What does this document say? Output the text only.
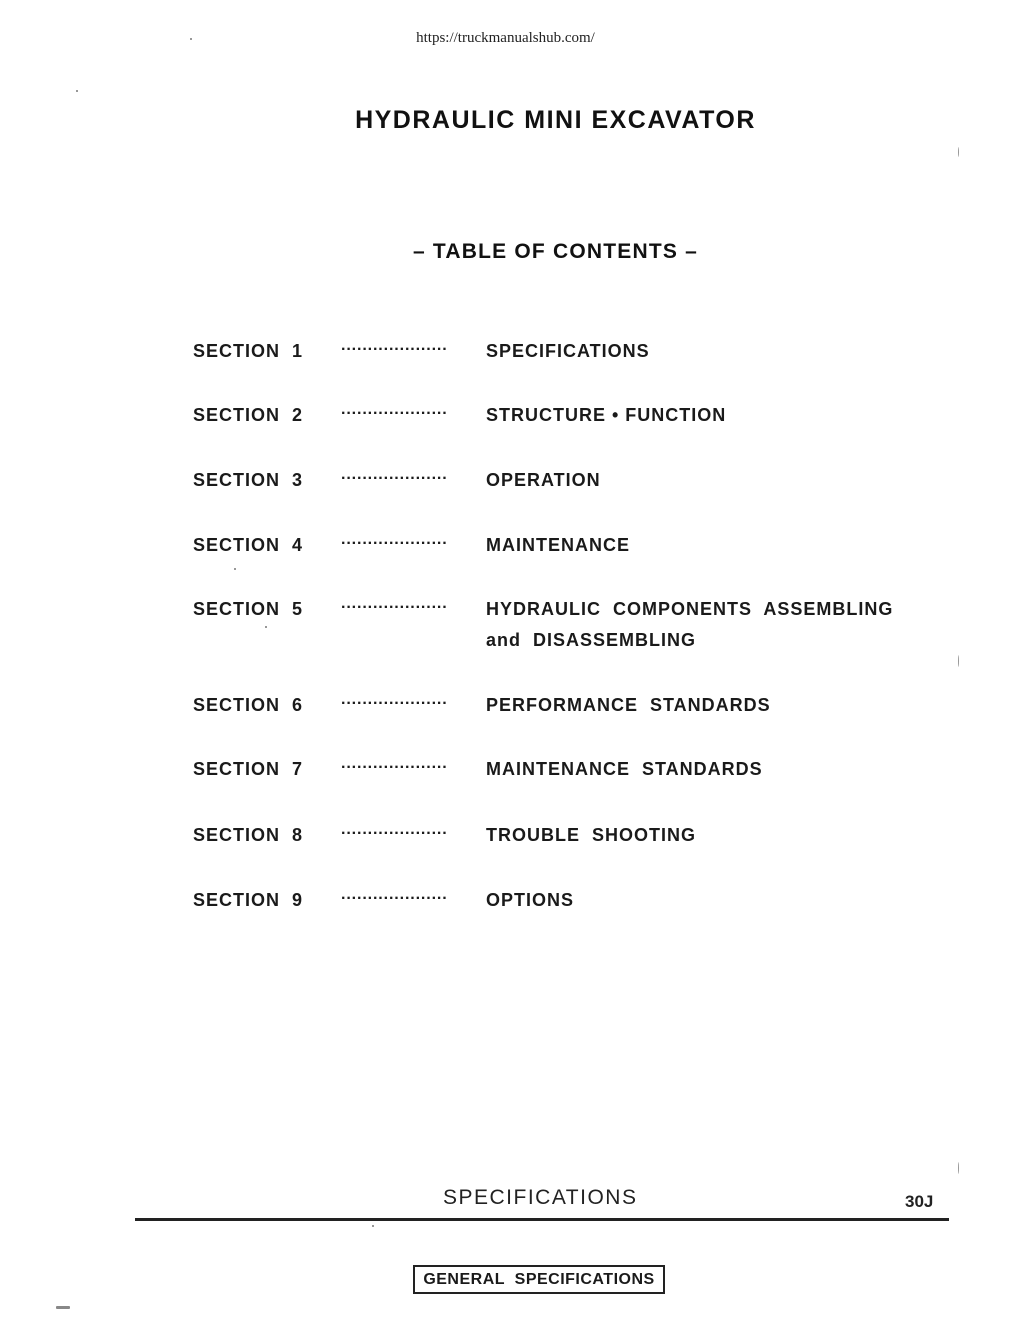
https://truckmanualshub.com/
HYDRAULIC MINI EXCAVATOR
– TABLE OF CONTENTS –
SECTION  1 ···················· SPECIFICATIONS
SECTION  2 ···················· STRUCTURE • FUNCTION
SECTION  3 ···················· OPERATION
SECTION  4 ···················· MAINTENANCE
SECTION  5 ···················· HYDRAULIC  COMPONENTS  ASSEMBLING and  DISASSEMBLING
SECTION  6 ···················· PERFORMANCE  STANDARDS
SECTION  7 ···················· MAINTENANCE  STANDARDS
SECTION  8 ···················· TROUBLE  SHOOTING
SECTION  9 ···················· OPTIONS
SPECIFICATIONS	30J
GENERAL  SPECIFICATIONS
